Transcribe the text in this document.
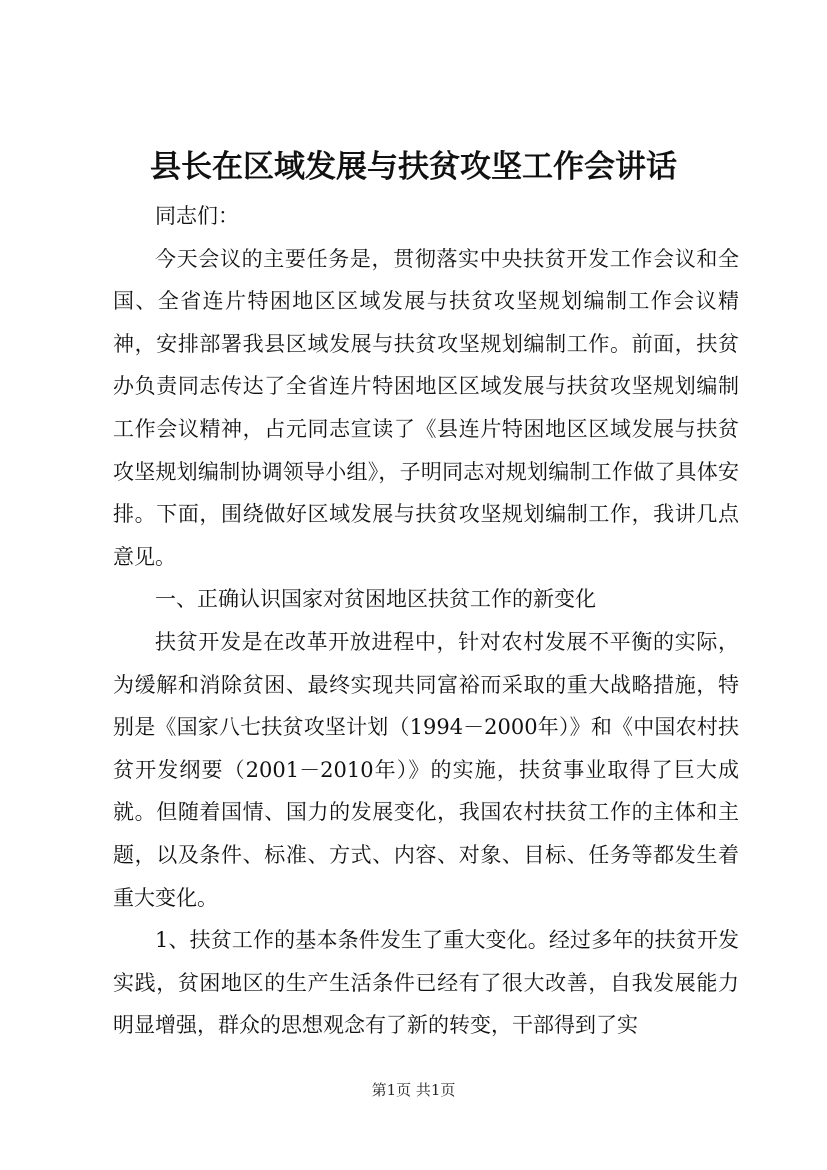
县长在区域发展与扶贫攻坚工作会讲话

同志们：

今天会议的主要任务是，贯彻落实中央扶贫开发工作会议和全国、全省连片特困地区区域发展与扶贫攻坚规划编制工作会议精神，安排部署我县区域发展与扶贫攻坚规划编制工作。前面，扶贫办负责同志传达了全省连片特困地区区域发展与扶贫攻坚规划编制工作会议精神，占元同志宣读了《县连片特困地区区域发展与扶贫攻坚规划编制协调领导小组》，子明同志对规划编制工作做了具体安排。下面，围绕做好区域发展与扶贫攻坚规划编制工作，我讲几点意见。

一、正确认识国家对贫困地区扶贫工作的新变化

扶贫开发是在改革开放进程中，针对农村发展不平衡的实际，为缓解和消除贫困、最终实现共同富裕而采取的重大战略措施，特别是《国家八七扶贫攻坚计划（1994－2000年）》和《中国农村扶贫开发纲要（2001－2010年）》的实施，扶贫事业取得了巨大成就。但随着国情、国力的发展变化，我国农村扶贫工作的主体和主题，以及条件、标准、方式、内容、对象、目标、任务等都发生着重大变化。

1、扶贫工作的基本条件发生了重大变化。经过多年的扶贫开发实践，贫困地区的生产生活条件已经有了很大改善，自我发展能力明显增强，群众的思想观念有了新的转变，干部得到了实

第1页 共1页
